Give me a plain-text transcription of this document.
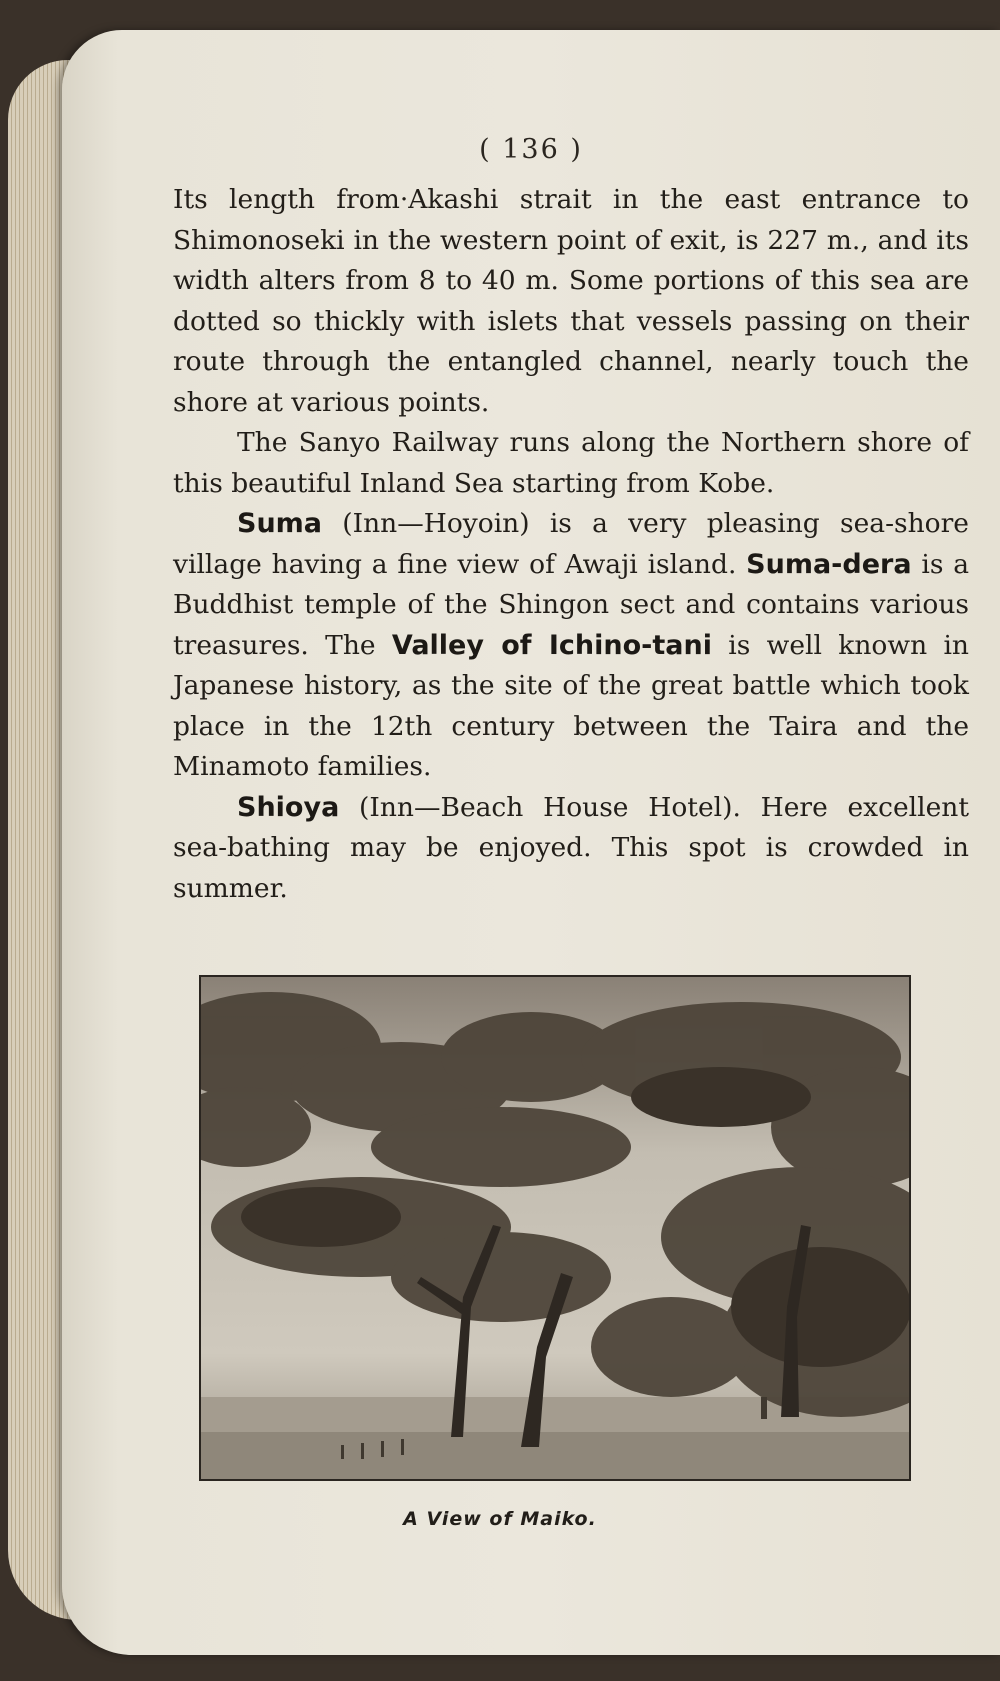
( 136 )

Its length from·Akashi strait in the east entrance to Shimonoseki in the western point of exit, is 227 m., and its width alters from 8 to 40 m. Some portions of this sea are dotted so thickly with islets that vessels passing on their route through the entangled channel, nearly touch the shore at various points.

The Sanyo Railway runs along the Northern shore of this beautiful Inland Sea starting from Kobe.

Suma (Inn—Hoyoin) is a very pleasing sea-shore village having a fine view of Awaji island. Suma-dera is a Buddhist temple of the Shingon sect and contains various treasures. The Valley of Ichino-tani is well known in Japanese history, as the site of the great battle which took place in the 12th century between the Taira and the Minamoto families.

Shioya (Inn—Beach House Hotel). Here excellent sea-bathing may be enjoyed. This spot is crowded in summer.

A View of Maiko.
